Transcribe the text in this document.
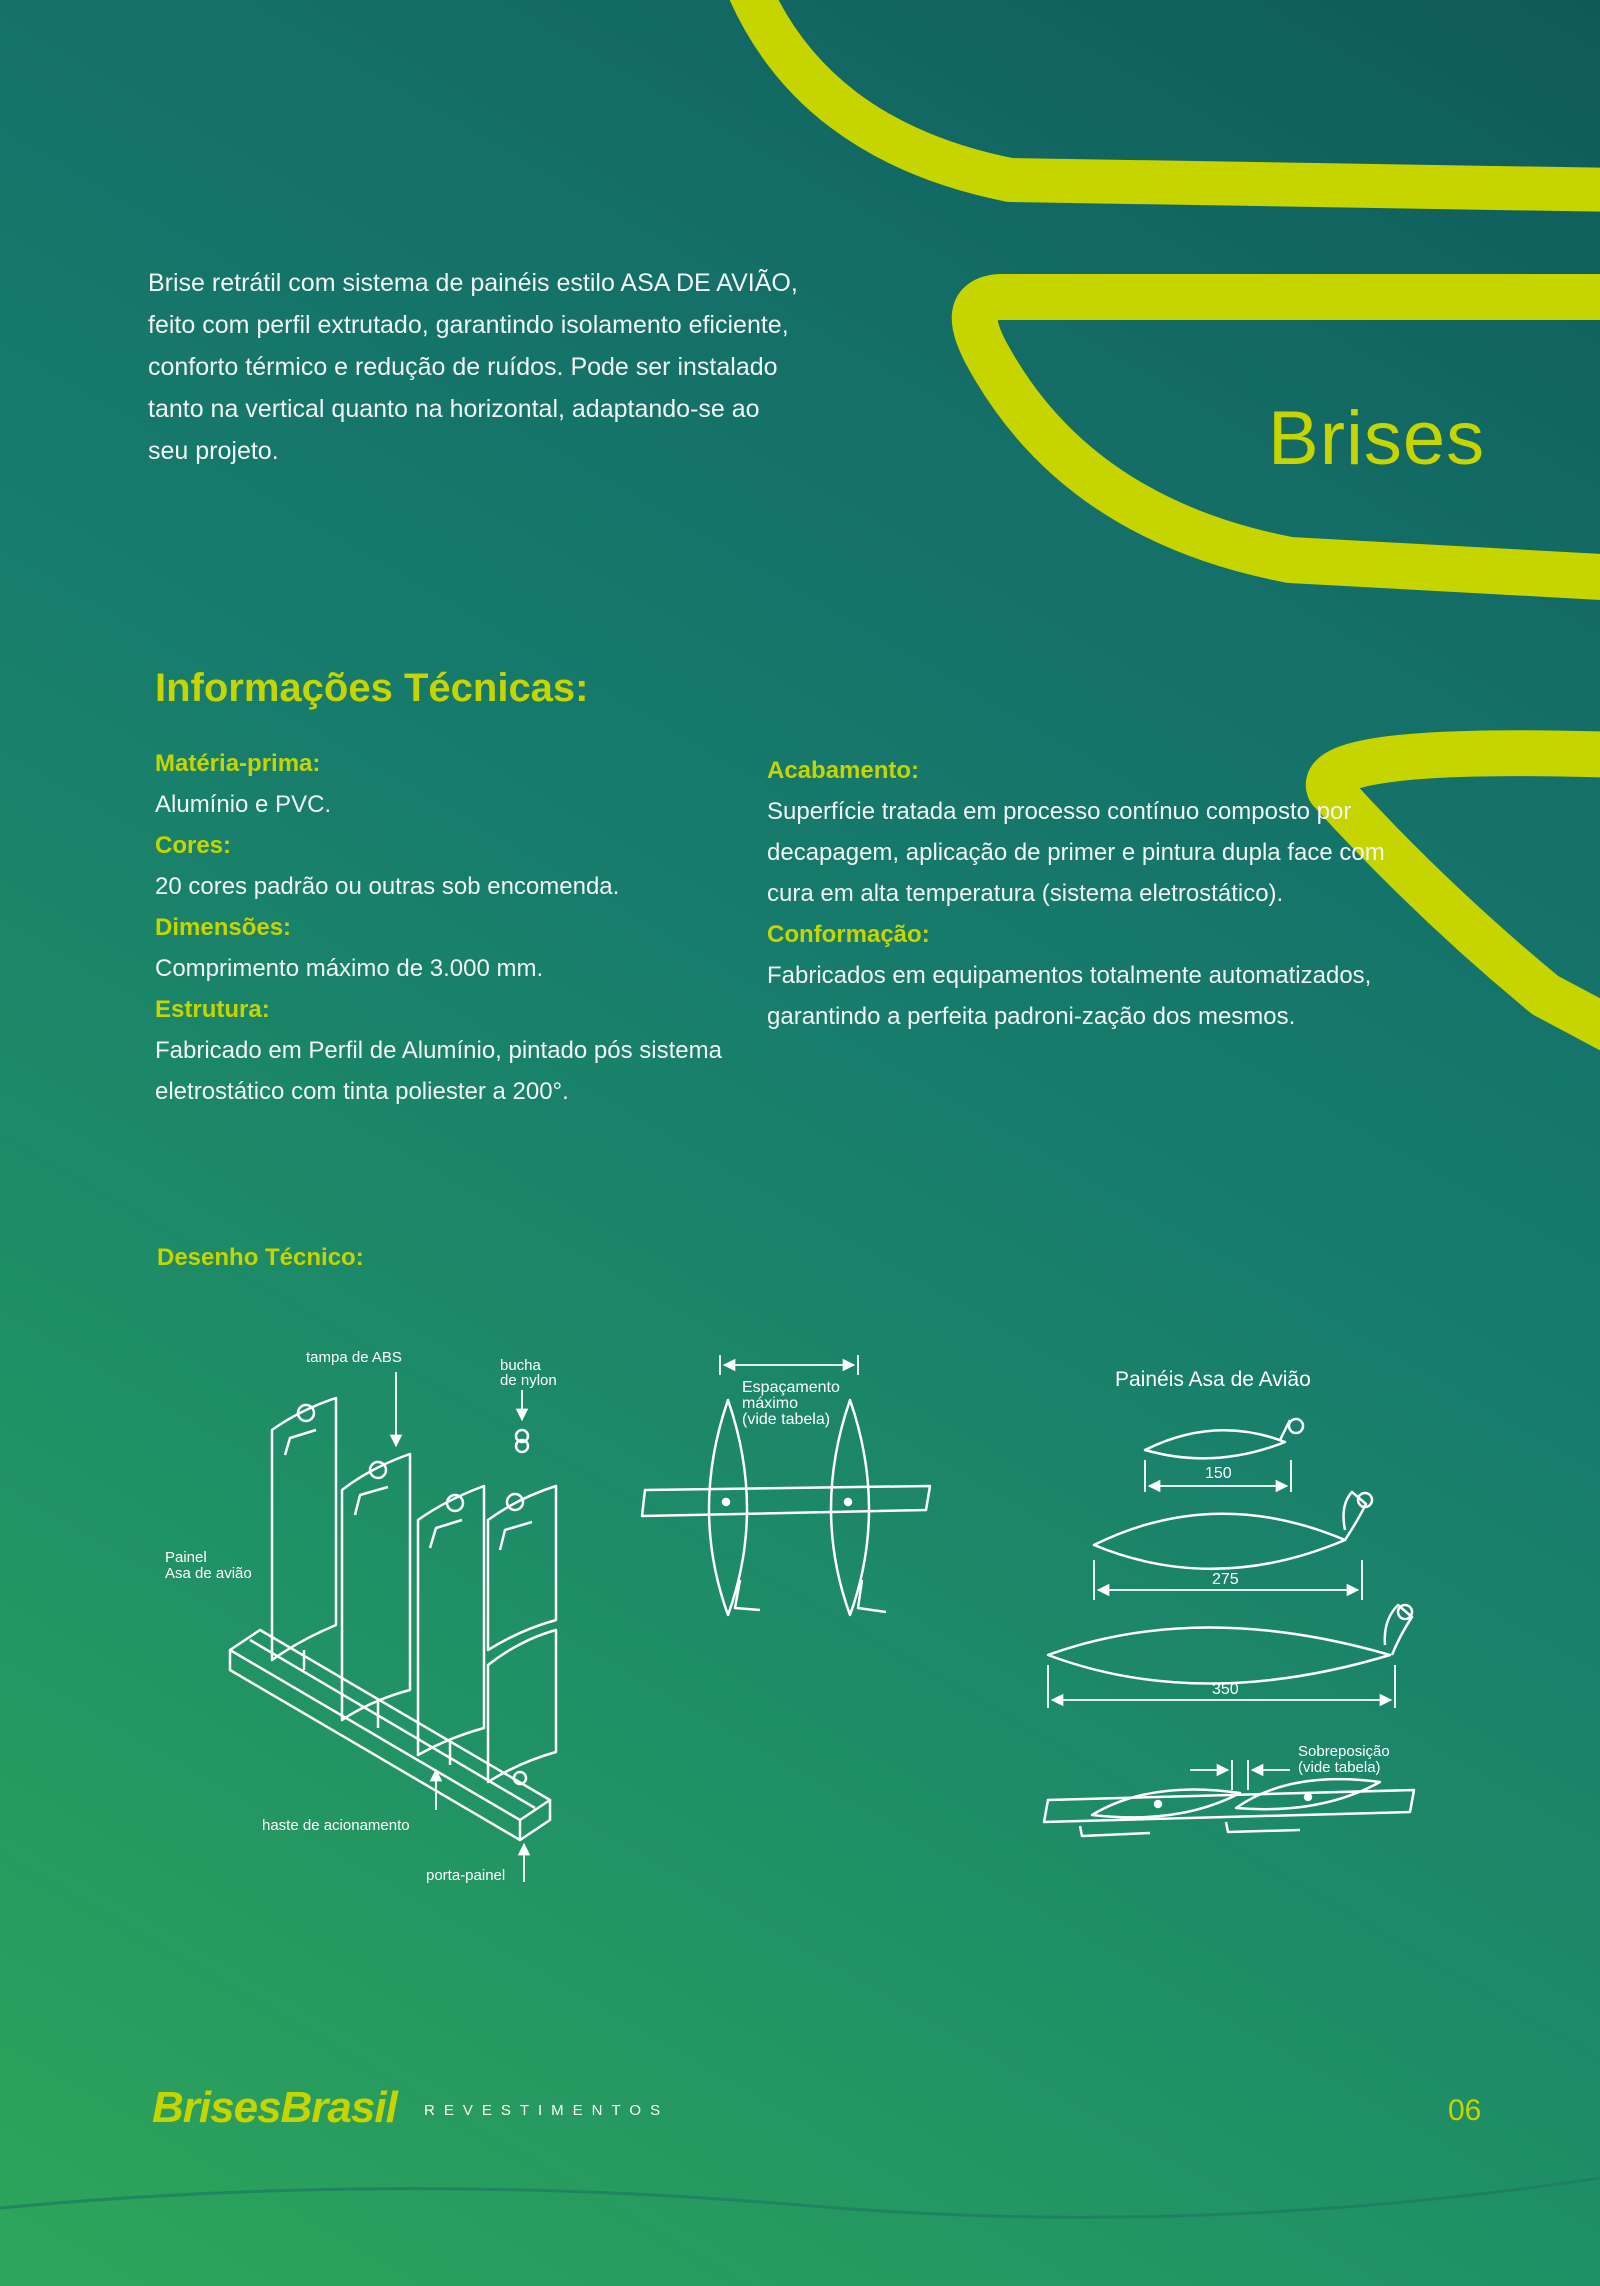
Brise retrátil com sistema de painéis estilo ASA DE AVIÃO, feito com perfil extrutado, garantindo isolamento eficiente, conforto térmico e redução de ruídos. Pode ser instalado tanto na vertical quanto na horizontal, adaptando-se ao seu projeto.	Brises
Informações Técnicas:
Matéria-prima:
Alumínio e PVC.
Cores:
20 cores padrão ou outras sob encomenda.
Dimensões:
Comprimento máximo de 3.000 mm.
Estrutura:
Fabricado em Perfil de Alumínio, pintado pós sistema eletrostático com tinta poliester a 200°.
Acabamento:
Superfície tratada em processo contínuo composto por decapagem, aplicação de primer e pintura dupla face com cura em alta temperatura (sistema eletrostático).
Conformação:
Fabricados em equipamentos totalmente automatizados, garantindo a perfeita padroni-zação dos mesmos.
Desenho Técnico:
tampa de ABS	bucha
de nylon
Painel
Asa de avião
haste de acionamento
porta-painel
Espaçamento
máximo
(vide tabela)
Painéis Asa de Avião
150
275
350
Sobreposição
(vide tabela)
BrisesBrasil REVESTIMENTOS	06
